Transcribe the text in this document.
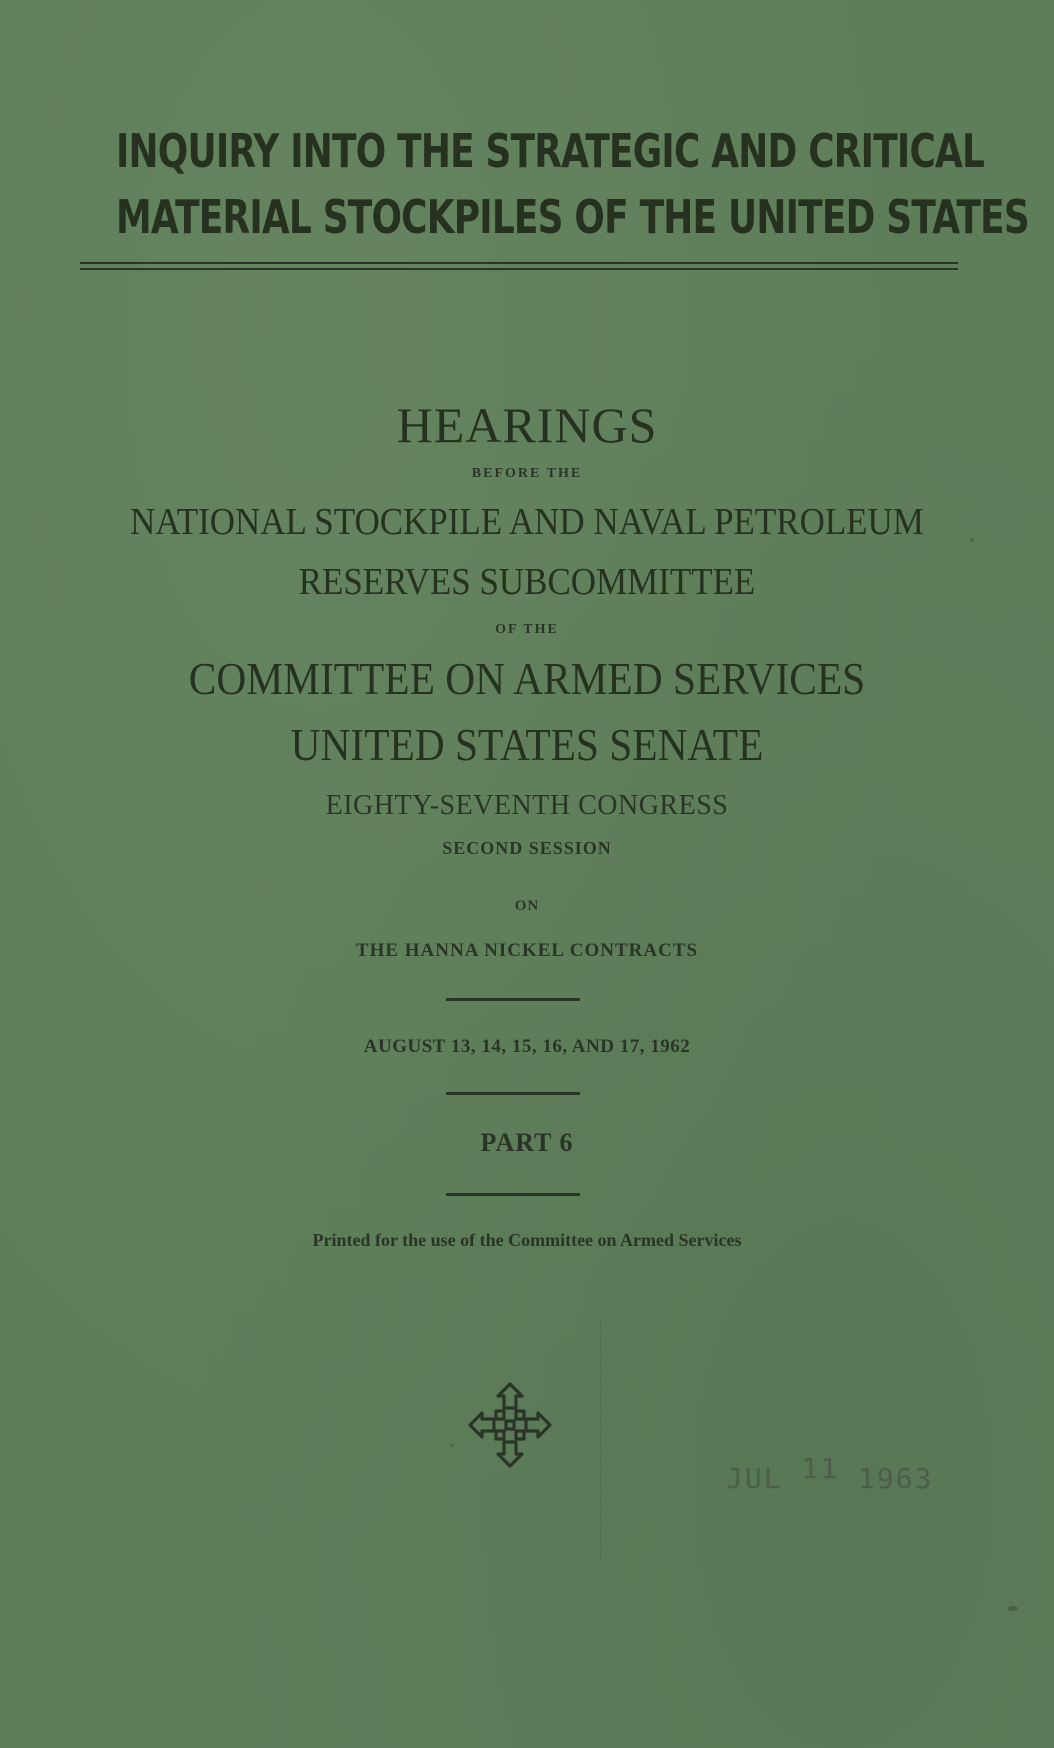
INQUIRY INTO THE STRATEGIC AND CRITICAL
MATERIAL STOCKPILES OF THE UNITED STATES
HEARINGS
BEFORE THE
NATIONAL STOCKPILE AND NAVAL PETROLEUM
RESERVES SUBCOMMITTEE
OF THE
COMMITTEE ON ARMED SERVICES
UNITED STATES SENATE
EIGHTY-SEVENTH CONGRESS
SECOND SESSION
ON
THE HANNA NICKEL CONTRACTS
AUGUST 13, 14, 15, 16, AND 17, 1962
PART 6
Printed for the use of the Committee on Armed Services
JUL 11 1963
